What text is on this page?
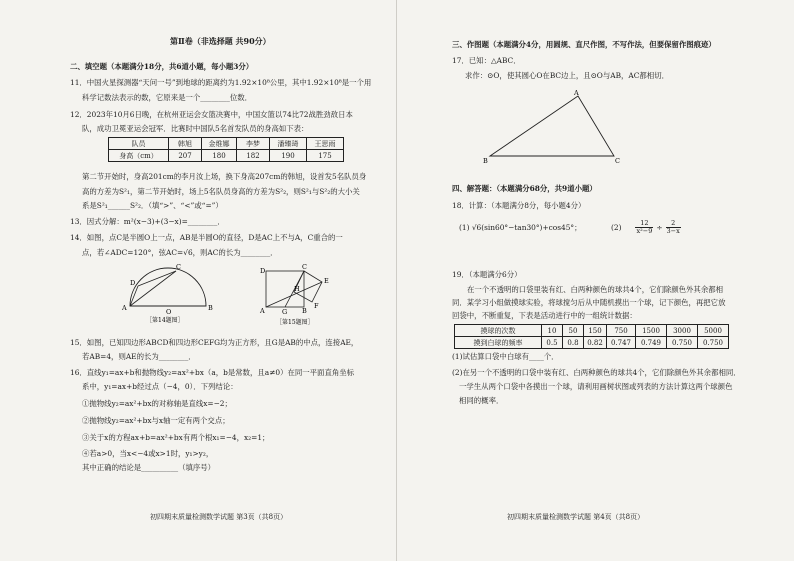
第Ⅱ卷（非选择题 共90分）
二、填空题（本题满分18分，共6道小题，每小题3分）
11．中国火星探测器“天问一号”到地球的距离约为1.92×10⁸公里，其中1.92×10⁸是一个用
科学记数法表示的数，它原来是一个________位数．
12．2023年10月6日晚，在杭州亚运会女篮决赛中，中国女篮以74比72战胜劲敌日本
队，成功卫冕亚运会冠军．比赛时中国队5名首发队员的身高如下表：
队员	韩旭	金维娜	李梦	潘臻琦	王思雨
身高（cm）	207	180	182	190	175
第二节开始时，身高201cm的李月汝上场，换下身高207cm的韩旭，设首发5名队员身
高的方差为S²₁，第二节开始时，场上5名队员身高的方差为S²₂，则S²₁与S²₂的大小关
系是S²₁______S²₂．（填“>”、“<”或“=”）
13．因式分解：m²(x−3)+(3−x)=________．
14．如图，点C是半圆O上一点，AB是半圆O的直径，D是AC上不与A，C重合的一
点，若∠ADC=120°，弦AC=√6，则AC的长为________．
A	B
C
D
O
［第14题图］
D	C
E
F
A	G B
H
［第15题图］
15．如图，已知四边形ABCD和四边形CEFG均为正方形，且G是AB的中点，连接AE，
若AB=4，则AE的长为________．
16．直线y₁=ax+b和抛物线y₂=ax²+bx（a，b是常数，且a≠0）在同一平面直角坐标
系中，y₁=ax+b经过点（−4，0）．下列结论：
①抛物线y₂=ax²+bx的对称轴是直线x=−2；
②抛物线y₂=ax²+bx与x轴一定有两个交点；
③关于x的方程ax+b=ax²+bx有两个根x₁=−4，x₂=1；
④若a>0，当x<−4或x>1时，y₁>y₂，
其中正确的结论是__________（填序号）
初四期末质量检测数学试题 第3页（共8页）
三、作图题（本题满分4分，用圆规、直尺作图，不写作法，但要保留作图痕迹）
17．已知：△ABC．
求作：⊙O，使其圆心O在BC边上，且⊙O与AB，AC都相切．
A
B	C
四、解答题：（本题满分68分，共9道小题）
18．计算：（本题满分8分，每小题4分）
(1) √6(sin60°−tan30°)+cos45°；	$(2) \frac{12}{\text{x²−9}} \div \frac{2}{3-x}$
19．（本题满分6分）
在一个不透明的口袋里装有红、白两种颜色的球共4个，它们除颜色外其余都相
同．某学习小组做摸球实验，将球搅匀后从中随机摸出一个球，记下颜色，再把它放
回袋中，不断重复，下表是活动进行中的一组统计数据：
摸球的次数	10	50	150	750	1500	3000	5000
摸到白球的频率	0.5	0.8	0.82	0.747	0.749	0.750	0.750
(1)试估算口袋中白球有____个．
(2)在另一个不透明的口袋中装有红、白两种颜色的球共4个，它们除颜色外其余都相同．
一学生从两个口袋中各摸出一个球，请利用画树状图或列表的方法计算这两个球颜色
相同的概率．
初四期末质量检测数学试题 第4页（共8页）
